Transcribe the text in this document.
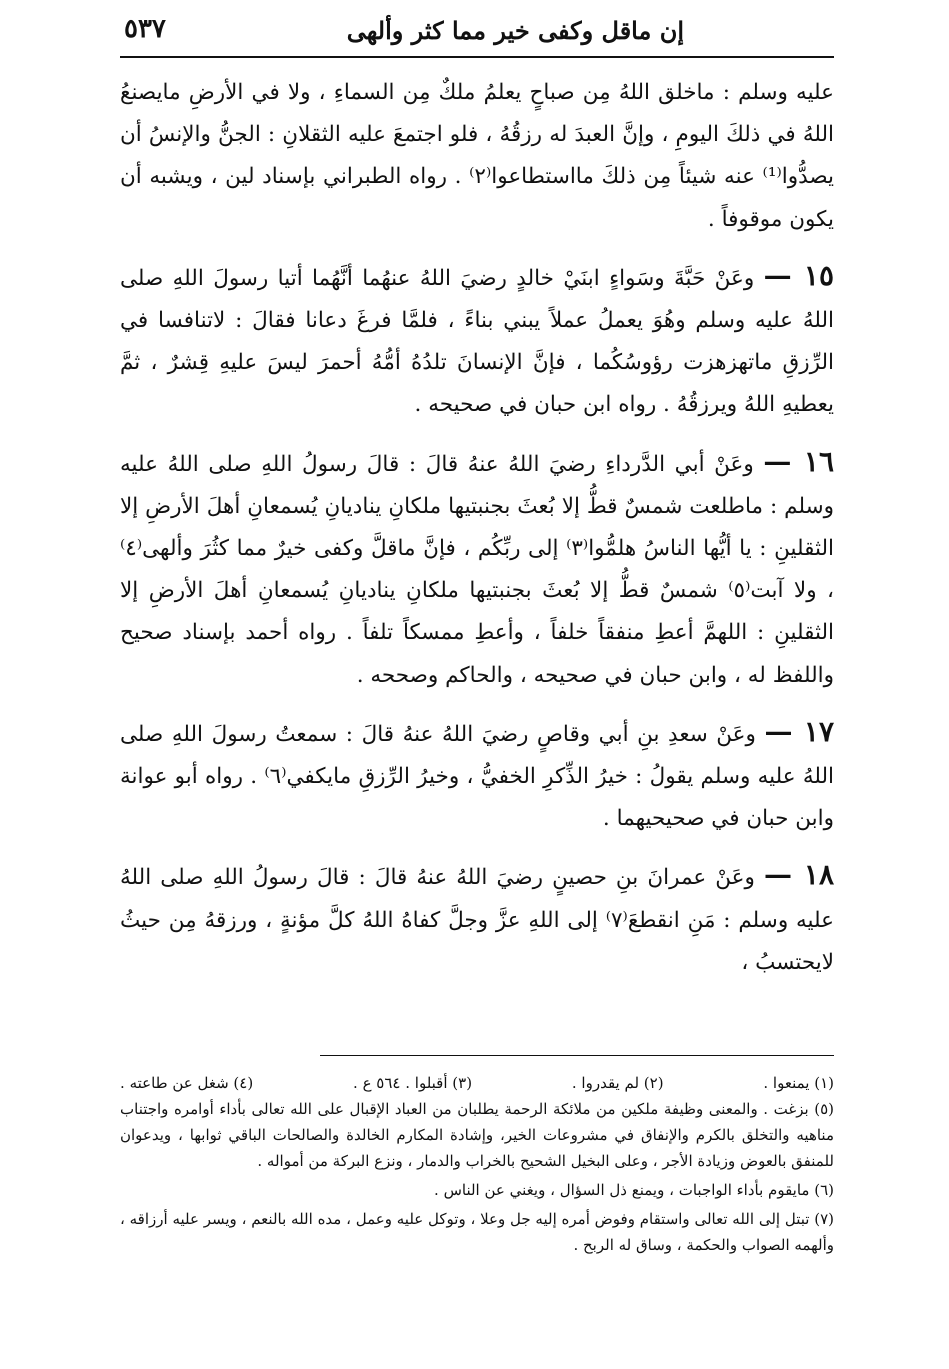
٥٣٧	إن ماقل وكفى خير مما كثر وألهى

عليه وسلم : ماخلق اللهُ مِن صباحٍ يعلمُ ملكٌ مِن السماءِ ، ولا في الأرضِ مايصنعُ اللهُ في ذلكَ اليومِ ، وإنَّ العبدَ له رزقُهُ ، فلو اجتمعَ عليه الثقلانِ : الجنُّ والإنسُ أن يصدُّوا⁽¹⁾ عنه شيئاً مِن ذلكَ مااستطاعوا⁽٢⁾ . رواه الطبراني بإسناد لين ، ويشبه أن يكون موقوفاً .

١٥ — وعَنْ حَبَّةَ وسَواءٍ ابنَيْ خالدٍ رضيَ اللهُ عنهُما أنَّهُما أتيا رسولَ اللهِ صلى اللهُ عليه وسلم وهُوَ يعملُ عملاً يبني بناءً ، فلمَّا فرغَ دعانا فقالَ : لاتنافسا في الرِّزقِ ماتهزهزت رؤوسُكُما ، فإنَّ الإنسانَ تلدُهُ أمُّهُ أحمرَ ليسَ عليهِ قِشرٌ ، ثمَّ يعطيهِ اللهُ ويرزقُهُ . رواه ابن حبان في صحيحه .

١٦ — وعَنْ أبي الدَّرداءِ رضيَ اللهُ عنهُ قالَ : قالَ رسولُ اللهِ صلى اللهُ عليه وسلم : ماطلعت شمسٌ قطُّ إلا بُعثَ بجنبتيها ملكانِ يناديانِ يُسمعانِ أهلَ الأرضِ إلا الثقلينِ : يا أيُّها الناسُ هلمُّوا⁽٣⁾ إلى ربِّكُم ، فإنَّ ماقلَّ وكفى خيرٌ مما كثُرَ وألهى⁽٤⁾ ، ولا آبت⁽٥⁾ شمسٌ قطُّ إلا بُعثَ بجنبتيها ملكانِ يناديانِ يُسمعانِ أهلَ الأرضِ إلا الثقلينِ : اللهمَّ أعطِ منفقاً خلفاً ، وأعطِ ممسكاً تلفاً . رواه أحمد بإسناد صحيح واللفظ له ، وابن حبان في صحيحه ، والحاكم وصححه .

١٧ — وعَنْ سعدِ بنِ أبي وقاصٍ رضيَ اللهُ عنهُ قالَ : سمعتُ رسولَ اللهِ صلى اللهُ عليه وسلم يقولُ : خيرُ الذِّكرِ الخفيُّ ، وخيرُ الرِّزقِ مايكفي⁽٦⁾ . رواه أبو عوانة وابن حبان في صحيحيهما .

١٨ — وعَنْ عمرانَ بنِ حصينٍ رضيَ اللهُ عنهُ قالَ : قالَ رسولُ اللهِ صلى اللهُ عليه وسلم : مَنِ انقطعَ⁽٧⁾ إلى اللهِ عزَّ وجلَّ كفاهُ اللهُ كلَّ مؤنةٍ ، ورزقهُ مِن حيثُ لايحتسبُ ،

(١) يمنعوا .
(٢) لم يقدروا .
(٣) أقبلوا . ٥٦٤ ع .
(٤) شغل عن طاعته .

(٥) بزغت . والمعنى وظيفة ملكين من ملائكة الرحمة يطلبان من العباد الإقبال على الله تعالى بأداء أوامره واجتناب مناهيه والتخلق بالكرم والإنفاق في مشروعات الخير، وإشادة المكارم الخالدة والصالحات الباقي ثوابها ، ويدعوان للمنفق بالعوض وزيادة الأجر ، وعلى البخيل الشحيح بالخراب والدمار ، ونزع البركة من أمواله .

(٦) مايقوم بأداء الواجبات ، ويمنع ذل السؤال ، ويغني عن الناس .

(٧) تبتل إلى الله تعالى واستقام وفوض أمره إليه جل وعلا ، وتوكل عليه وعمل ، مده الله بالنعم ، ويسر عليه أرزاقه ، وألهمه الصواب والحكمة ، وساق له الربح .
